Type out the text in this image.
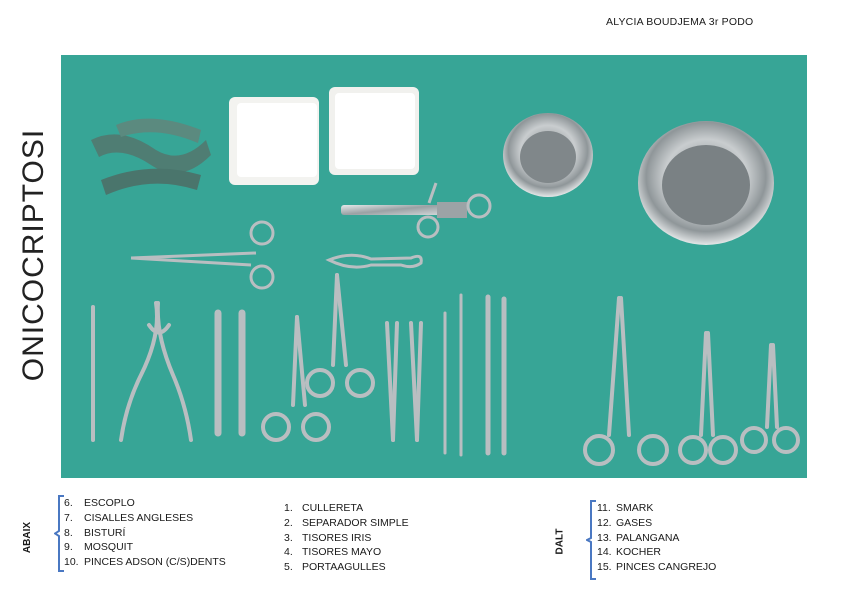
ALYCIA BOUDJEMA 3r PODO
ONICOCRIPTOSI
ABAIX
6.	ESCOPLO
7.	CISALLES ANGLESES
8.	BISTURÍ
9.	MOSQUIT
10. PINCES ADSON (C/S)DENTS
1. CULLERETA
2. SEPARADOR SIMPLE
3. TISORES IRIS
4. TISORES MAYO
5. PORTAAGULLES
DALT
11. SMARK
12. GASES
13. PALANGANA
14. KOCHER
15. PINCES CANGREJO
